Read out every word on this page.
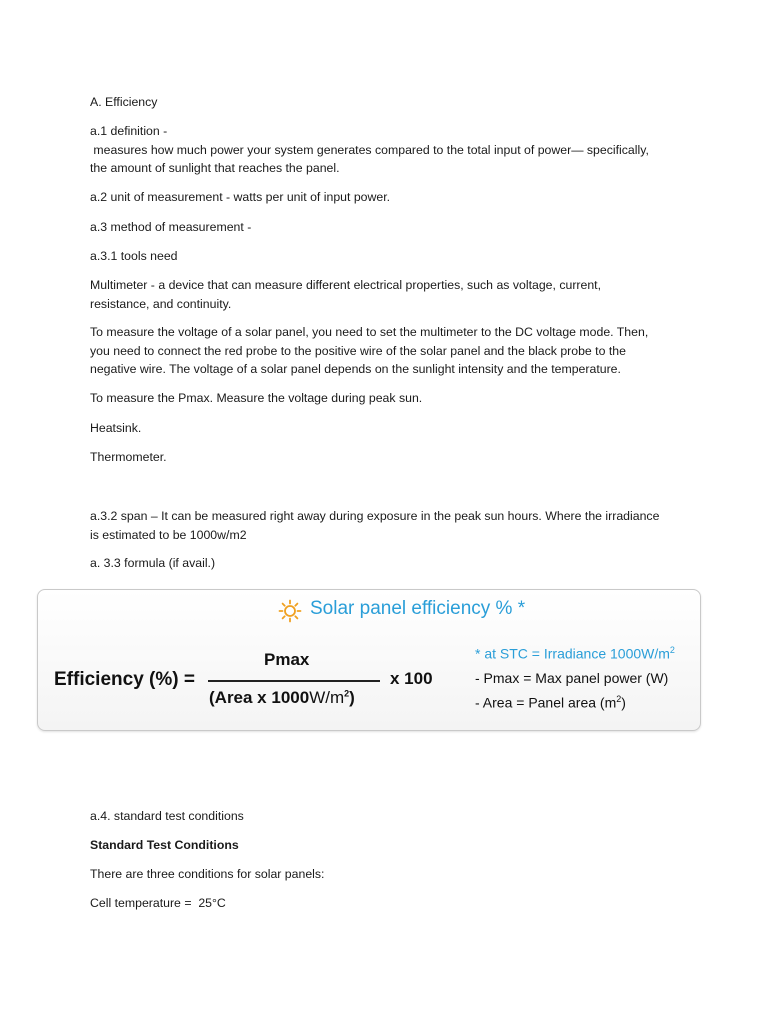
A. Efficiency

a.1 definition -
measures how much power your system generates compared to the total input of power— specifically,
the amount of sunlight that reaches the panel.

a.2 unit of measurement - watts per unit of input power.

a.3 method of measurement -

a.3.1 tools need

Multimeter - a device that can measure different electrical properties, such as voltage, current,
resistance, and continuity.

To measure the voltage of a solar panel, you need to set the multimeter to the DC voltage mode. Then,
you need to connect the red probe to the positive wire of the solar panel and the black probe to the
negative wire. The voltage of a solar panel depends on the sunlight intensity and the temperature.

To measure the Pmax. Measure the voltage during peak sun.

Heatsink.

Thermometer.

a.3.2 span – It can be measured right away during exposure in the peak sun hours. Where the irradiance
is estimated to be 1000w/m2

a. 3.3 formula (if avail.)

Solar panel efficiency % *
Efficiency (%) =
Pmax
(Area x $1000W/m^2$)
x 100
* at STC = Irradiance $1000W/m^2$
- Pmax = Max panel power (W)
- Area = Panel area $(m^2)$

a.4. standard test conditions

Standard Test Conditions

There are three conditions for solar panels:

Cell temperature =  25°C
